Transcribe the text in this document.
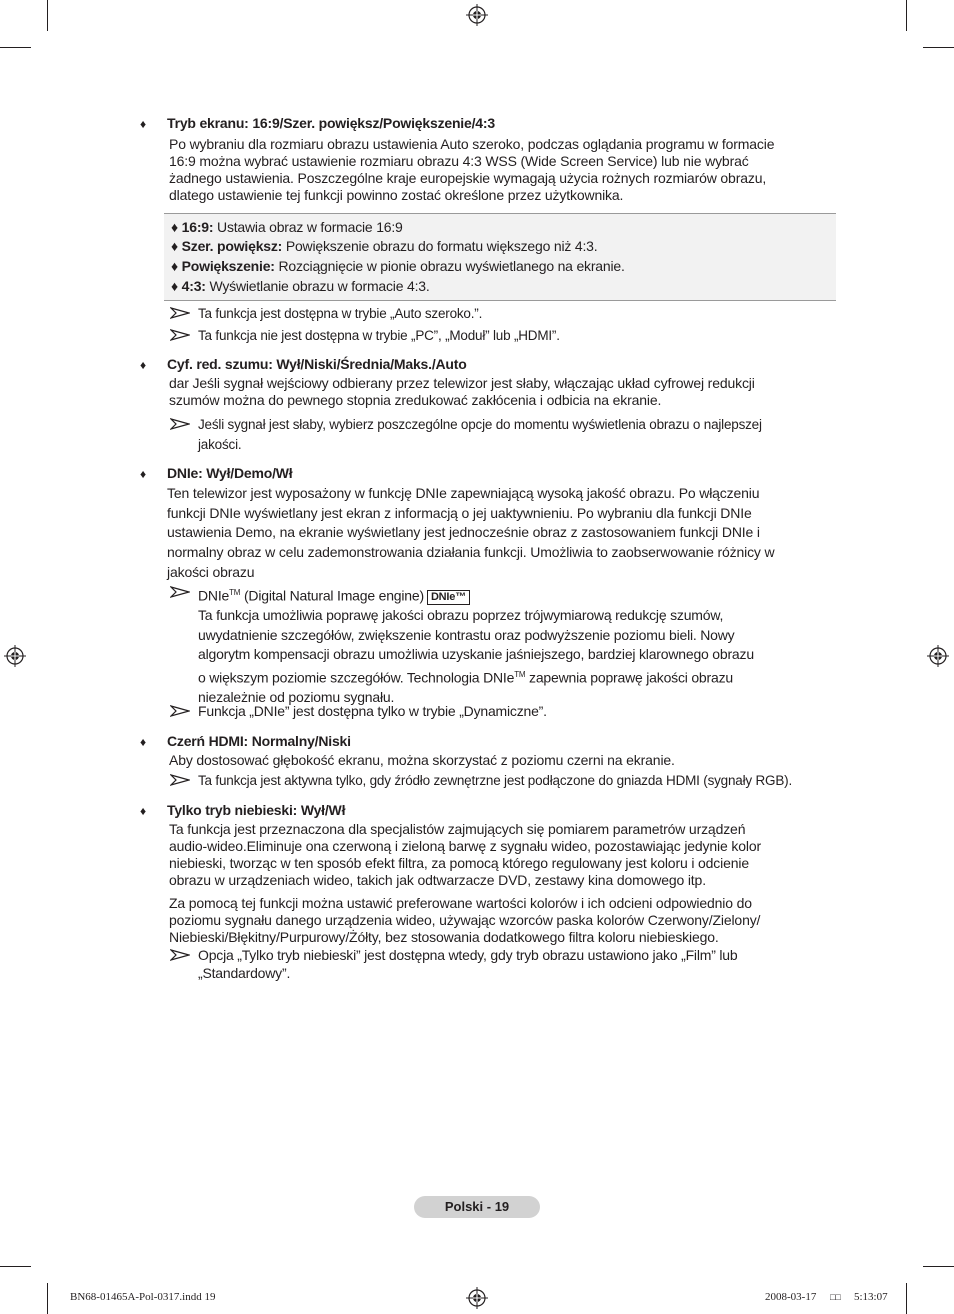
♦ Tryb ekranu: 16:9/Szer. powiększ/Powiększenie/4:3
Po wybraniu dla rozmiaru obrazu ustawienia Auto szeroko, podczas oglądania programu w formacie
16:9 można wybrać ustawienie rozmiaru obrazu 4:3 WSS (Wide Screen Service) lub nie wybrać
żadnego ustawienia. Poszczególne kraje europejskie wymagają użycia rożnych rozmiarów obrazu,
dlatego ustawienie tej funkcji powinno zostać określone przez użytkownika.
♦ 16:9: Ustawia obraz w formacie 16:9
♦ Szer. powiększ: Powiększenie obrazu do formatu większego niż 4:3.
♦ Powiększenie: Rozciągnięcie w pionie obrazu wyświetlanego na ekranie.
♦ 4:3: Wyświetlanie obrazu w formacie 4:3.
Ta funkcja jest dostępna w trybie „Auto szeroko.”.
Ta funkcja nie jest dostępna w trybie „PC”, „Moduł” lub „HDMI”.
♦ Cyf. red. szumu: Wył/Niski/Średnia/Maks./Auto
dar Jeśli sygnał wejściowy odbierany przez telewizor jest słaby, włączając układ cyfrowej redukcji
szumów można do pewnego stopnia zredukować zakłócenia i odbicia na ekranie.
Jeśli sygnał jest słaby, wybierz poszczególne opcje do momentu wyświetlenia obrazu o najlepszej
jakości.
♦ DNIe: Wył/Demo/Wł
Ten telewizor jest wyposażony w funkcję DNIe zapewniającą wysoką jakość obrazu. Po włączeniu
funkcji DNIe wyświetlany jest ekran z informacją o jej uaktywnieniu. Po wybraniu dla funkcji DNIe
ustawienia Demo, na ekranie wyświetlany jest jednocześnie obraz z zastosowaniem funkcji DNIe i
normalny obraz w celu zademonstrowania działania funkcji. Umożliwia to zaobserwowanie różnicy w
jakości obrazu
DNIe™ (Digital Natural Image engine) DNIe™
Ta funkcja umożliwia poprawę jakości obrazu poprzez trójwymiarową redukcję szumów,
uwydatnienie szczegółów, zwiększenie kontrastu oraz podwyższenie poziomu bieli. Nowy
algorytm kompensacji obrazu umożliwia uzyskanie jaśniejszego, bardziej klarownego obrazu
o większym poziomie szczegółów. Technologia DNIe™ zapewnia poprawę jakości obrazu
niezależnie od poziomu sygnału.
Funkcja „DNIe” jest dostępna tylko w trybie „Dynamiczne”.
♦ Czerń HDMI: Normalny/Niski
Aby dostosować głębokość ekranu, można skorzystać z poziomu czerni na ekranie.
Ta funkcja jest aktywna tylko, gdy źródło zewnętrzne jest podłączone do gniazda HDMI (sygnały RGB).
♦ Tylko tryb niebieski: Wył/Wł
Ta funkcja jest przeznaczona dla specjalistów zajmujących się pomiarem parametrów urządzeń
audio-wideo.Eliminuje ona czerwoną i zieloną barwę z sygnału wideo, pozostawiając jedynie kolor
niebieski, tworząc w ten sposób efekt filtra, za pomocą którego regulowany jest koloru i odcienie
obrazu w urządzeniach wideo, takich jak odtwarzacze DVD, zestawy kina domowego itp.
Za pomocą tej funkcji można ustawić preferowane wartości kolorów i ich odcieni odpowiednio do
poziomu sygnału danego urządzenia wideo, używając wzorców paska kolorów Czerwony/Zielony/
Niebieski/Błękitny/Purpurowy/Żółty, bez stosowania dodatkowego filtra koloru niebieskiego.
Opcja „Tylko tryb niebieski” jest dostępna wtedy, gdy tryb obrazu ustawiono jako „Film” lub
„Standardowy”.
Polski - 19
BN68-01465A-Pol-0317.indd 19	2008-03-17 □□ 5:13:07
